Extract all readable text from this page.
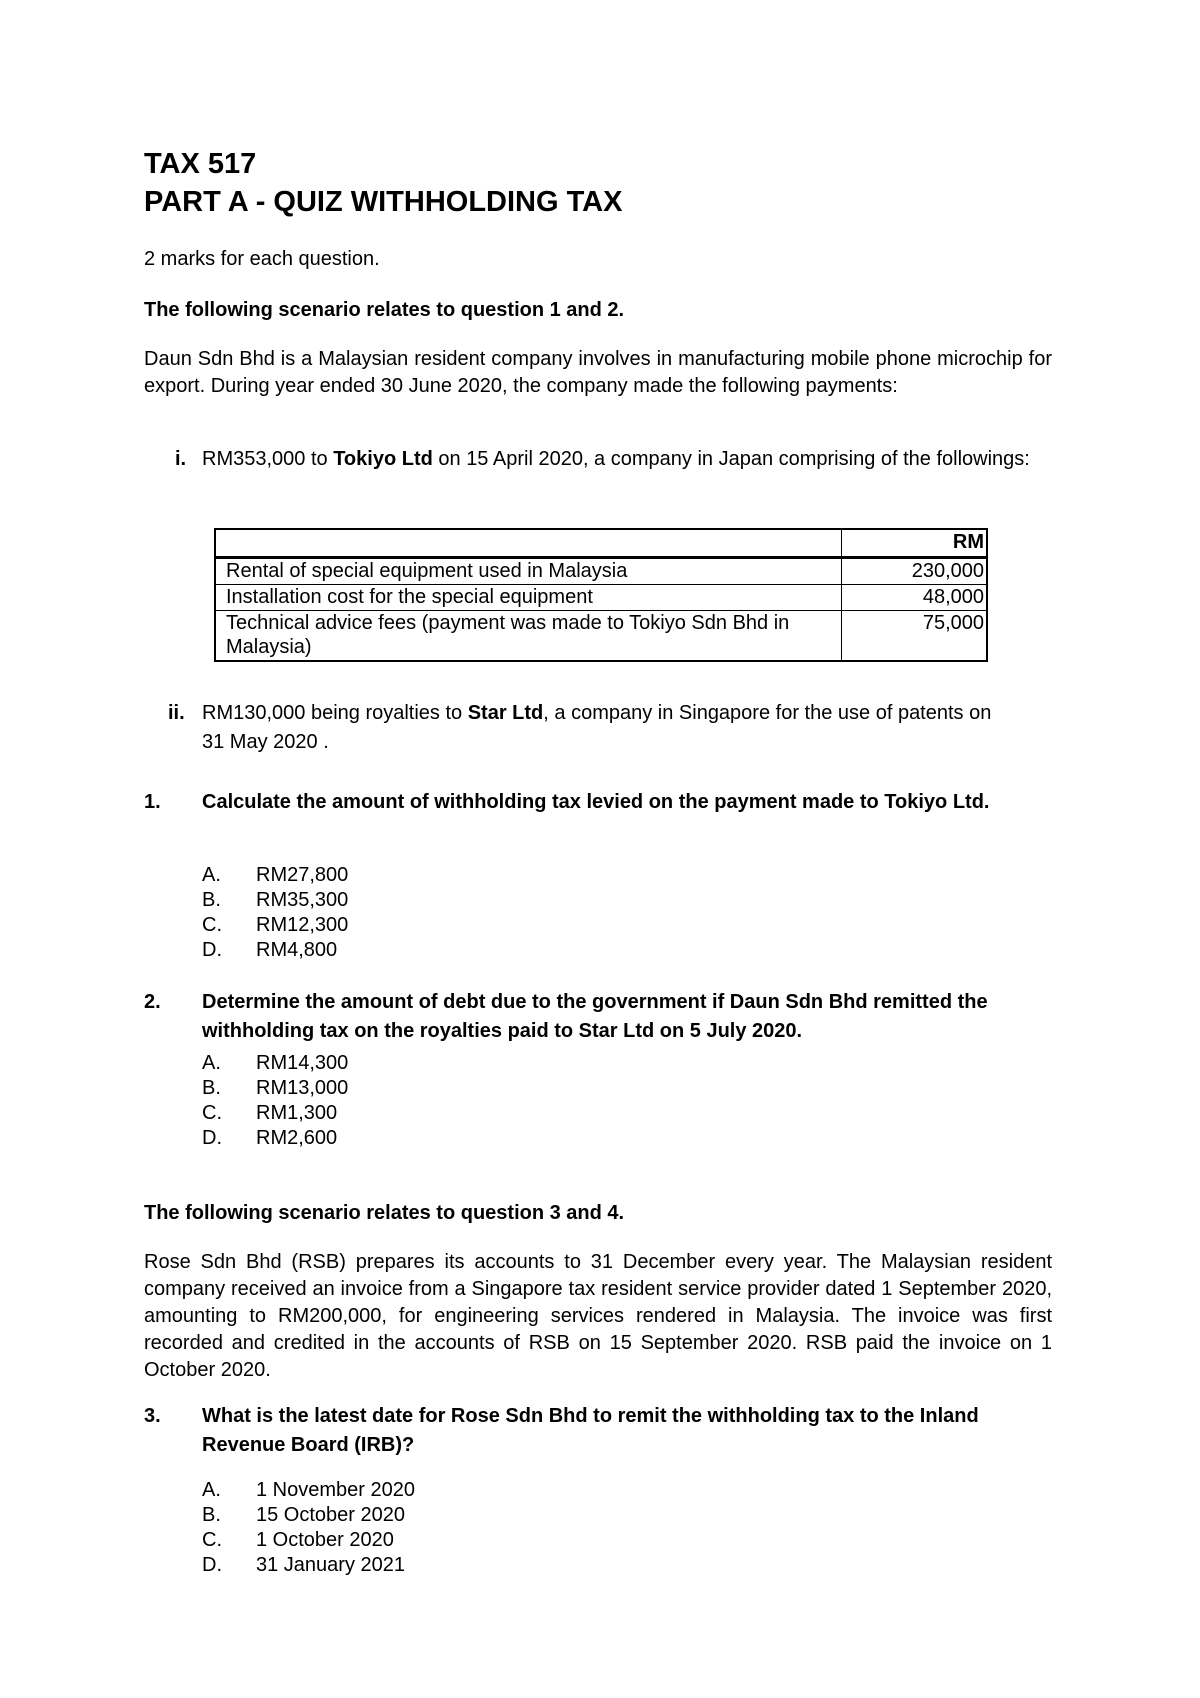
TAX 517
PART A - QUIZ WITHHOLDING TAX
2 marks for each question.
The following scenario relates to question 1 and 2.
Daun Sdn Bhd is a Malaysian resident company involves in manufacturing mobile phone microchip for export. During year ended 30 June 2020, the company made the following payments:
i. RM353,000 to Tokiyo Ltd on 15 April 2020, a company in Japan comprising of the followings:
	RM
Rental of special equipment used in Malaysia	230,000
Installation cost for the special equipment	48,000
Technical advice fees (payment was made to Tokiyo Sdn Bhd in Malaysia)	75,000
ii. RM130,000 being royalties to Star Ltd, a company in Singapore for the use of patents on 31 May 2020 .
1. Calculate the amount of withholding tax levied on the payment made to Tokiyo Ltd.
A. RM27,800
B. RM35,300
C. RM12,300
D. RM4,800
2. Determine the amount of debt due to the government if Daun Sdn Bhd remitted the withholding tax on the royalties paid to Star Ltd on 5 July 2020.
A. RM14,300
B. RM13,000
C. RM1,300
D. RM2,600
The following scenario relates to question 3 and 4.
Rose Sdn Bhd (RSB) prepares its accounts to 31 December every year. The Malaysian resident company received an invoice from a Singapore tax resident service provider dated 1 September 2020, amounting to RM200,000, for engineering services rendered in Malaysia. The invoice was first recorded and credited in the accounts of RSB on 15 September 2020. RSB paid the invoice on 1 October 2020.
3. What is the latest date for Rose Sdn Bhd to remit the withholding tax to the Inland Revenue Board (IRB)?
A. 1 November 2020
B. 15 October 2020
C. 1 October 2020
D. 31 January 2021
